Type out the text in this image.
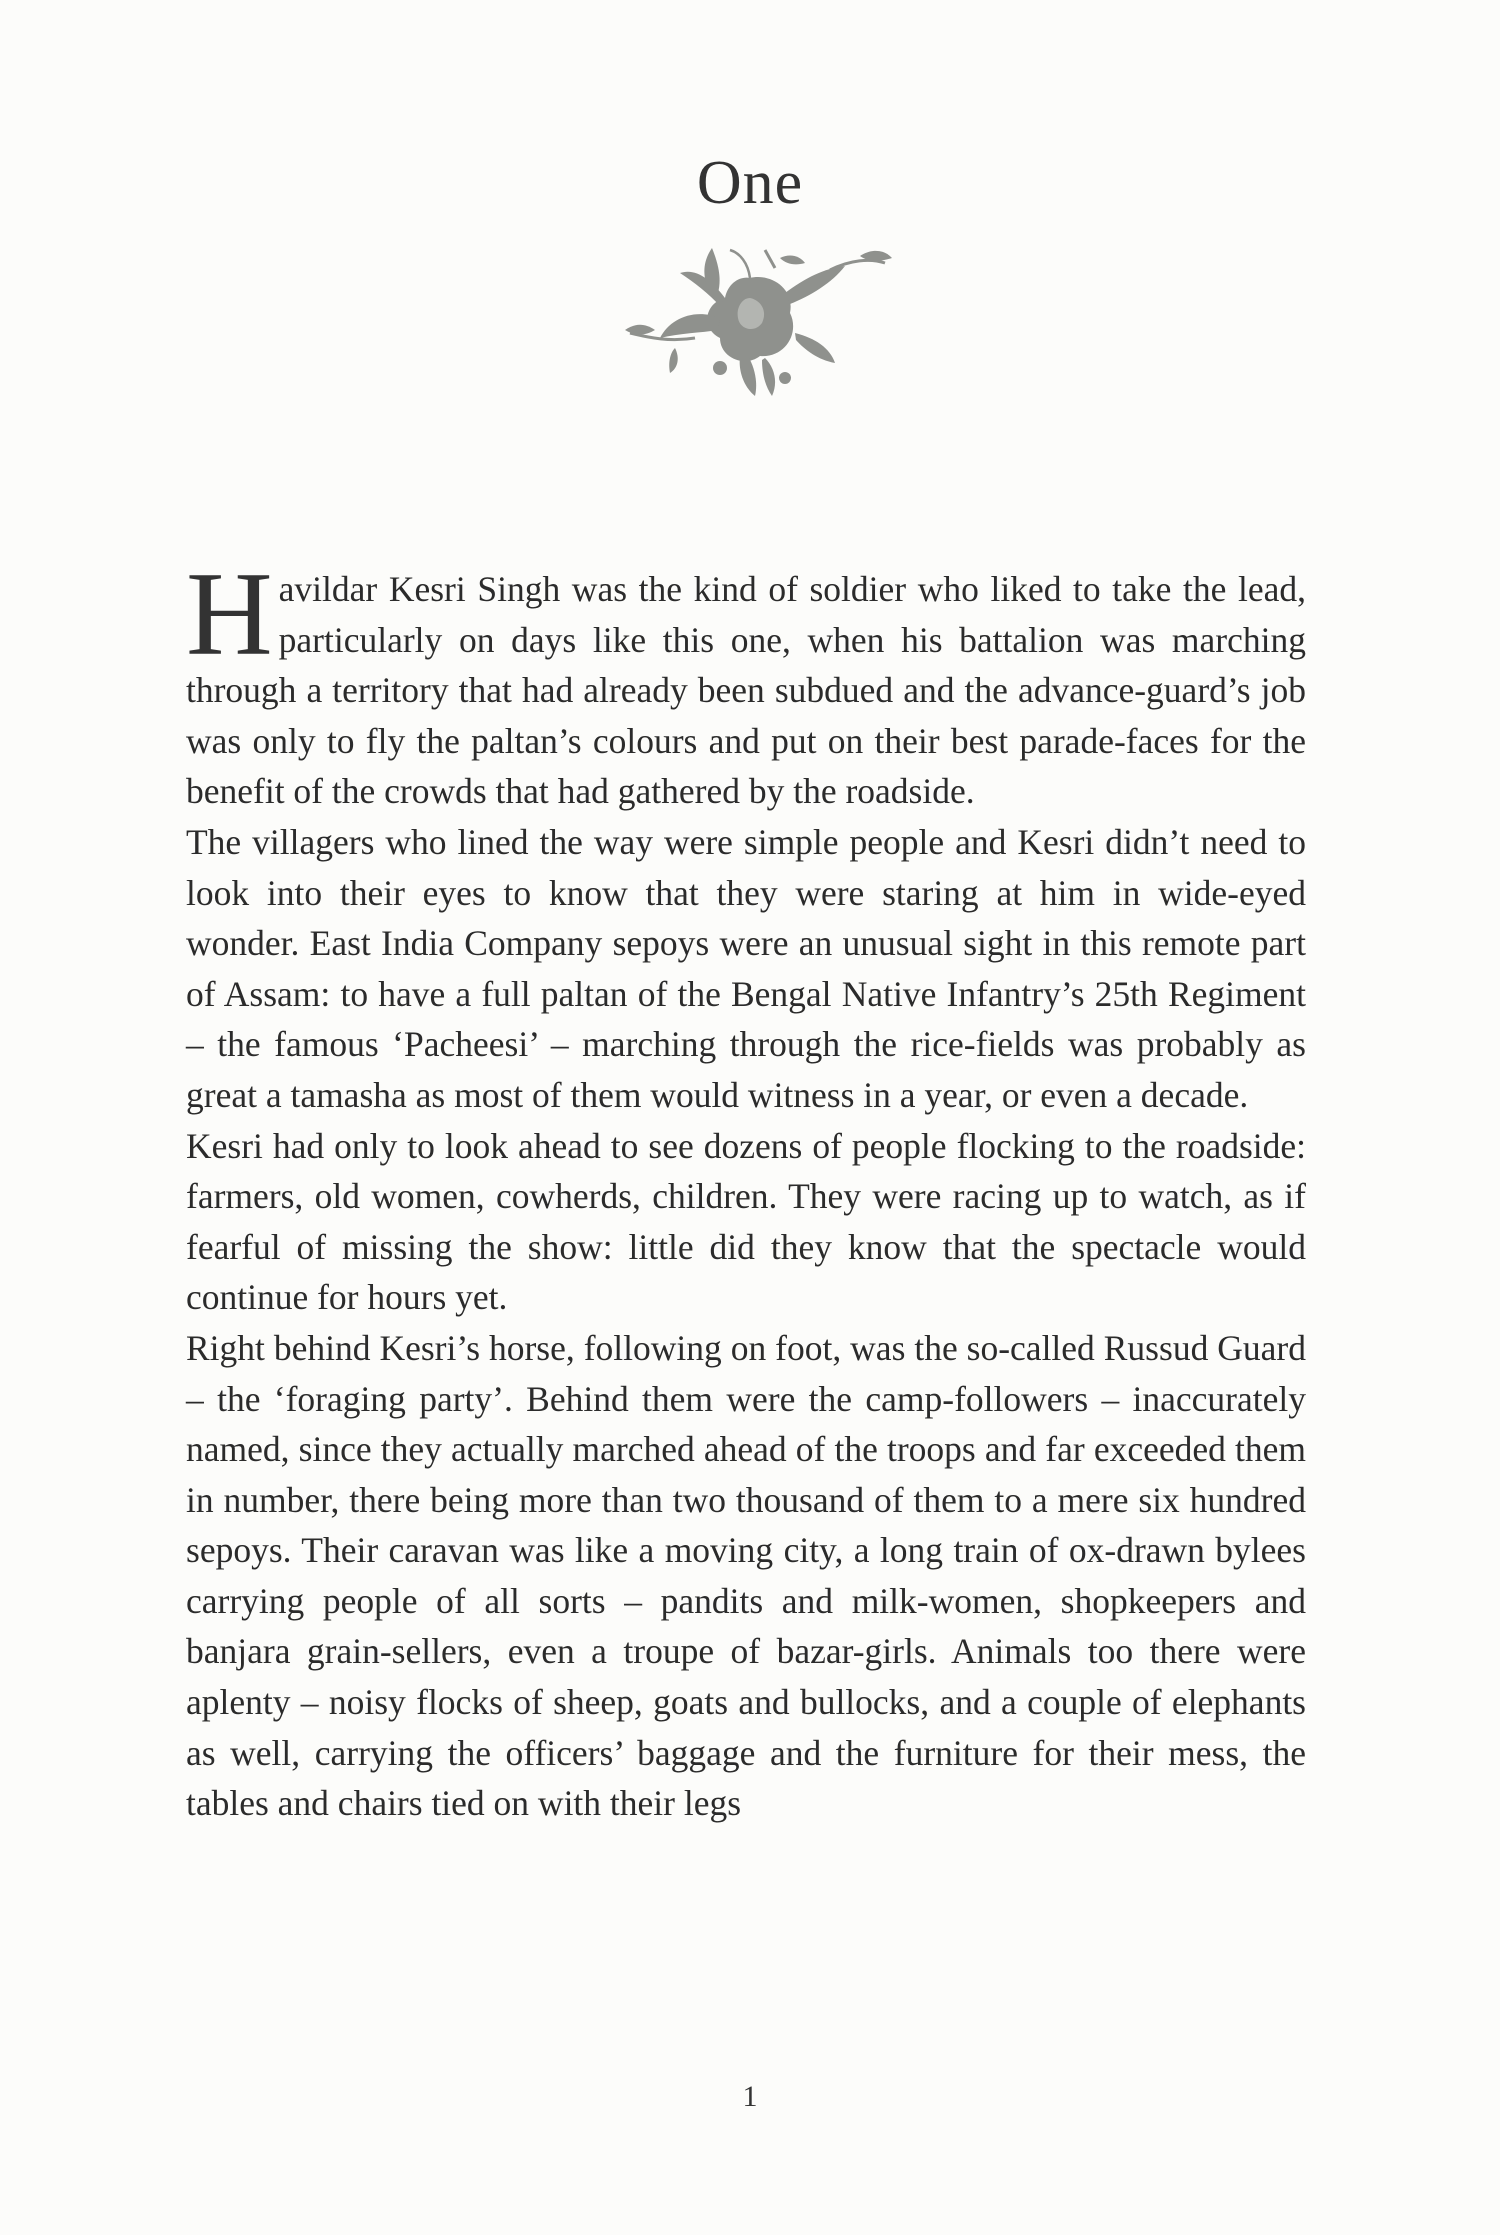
One

Havildar Kesri Singh was the kind of soldier who liked to take the lead, particularly on days like this one, when his battalion was marching through a territory that had already been subdued and the advance-guard’s job was only to fly the paltan’s colours and put on their best parade-faces for the benefit of the crowds that had gathered by the roadside.

The villagers who lined the way were simple people and Kesri didn’t need to look into their eyes to know that they were staring at him in wide-eyed wonder. East India Company sepoys were an unusual sight in this remote part of Assam: to have a full paltan of the Bengal Native Infantry’s 25th Regiment – the famous ‘Pacheesi’ – marching through the rice-fields was probably as great a tamasha as most of them would witness in a year, or even a decade.

Kesri had only to look ahead to see dozens of people flocking to the roadside: farmers, old women, cowherds, children. They were racing up to watch, as if fearful of missing the show: little did they know that the spectacle would continue for hours yet.

Right behind Kesri’s horse, following on foot, was the so-called Russud Guard – the ‘foraging party’. Behind them were the camp-followers – inaccurately named, since they actually marched ahead of the troops and far exceeded them in number, there being more than two thousand of them to a mere six hundred sepoys. Their caravan was like a moving city, a long train of ox-drawn bylees carrying people of all sorts – pandits and milk-women, shopkeepers and banjara grain-sellers, even a troupe of bazar-girls. Animals too there were aplenty – noisy flocks of sheep, goats and bullocks, and a couple of elephants as well, carrying the officers’ baggage and the furniture for their mess, the tables and chairs tied on with their legs

1
